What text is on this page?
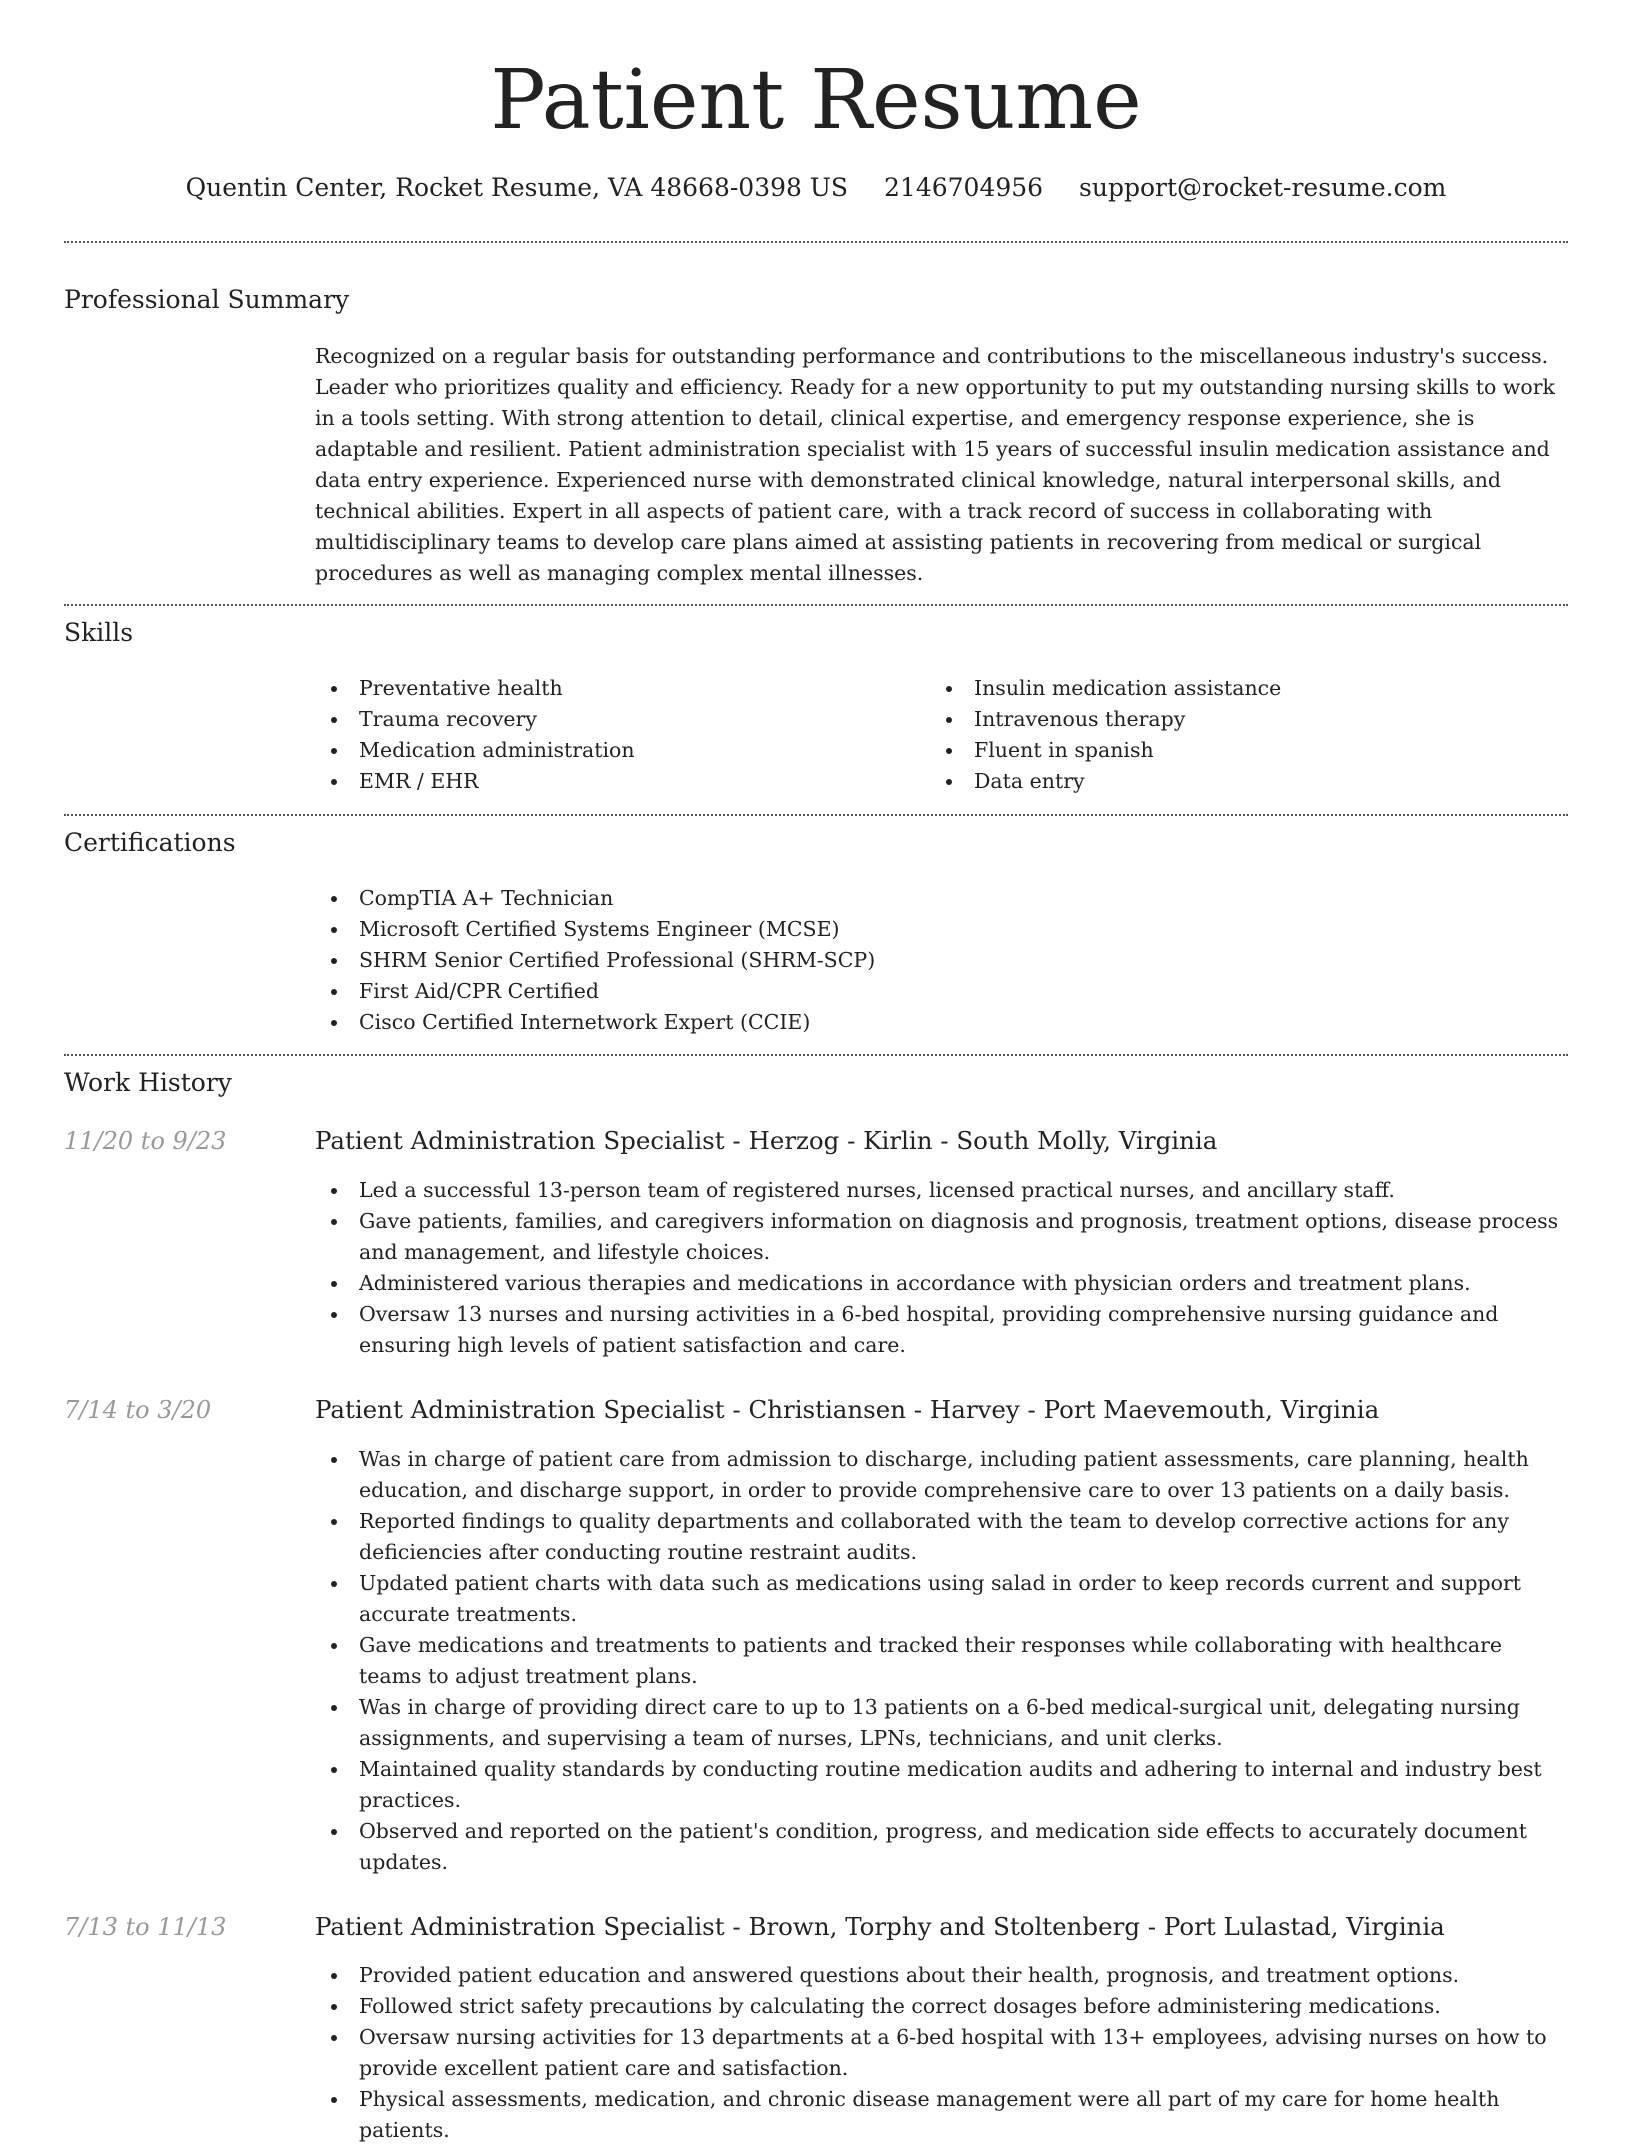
Patient Resume
Quentin Center, Rocket Resume, VA 48668-0398 US 2146704956 support@rocket-resume.com
Professional Summary
Recognized on a regular basis for outstanding performance and contributions to the miscellaneous industry's success. Leader who prioritizes quality and efficiency. Ready for a new opportunity to put my outstanding nursing skills to work in a tools setting. With strong attention to detail, clinical expertise, and emergency response experience, she is adaptable and resilient. Patient administration specialist with 15 years of successful insulin medication assistance and data entry experience. Experienced nurse with demonstrated clinical knowledge, natural interpersonal skills, and technical abilities. Expert in all aspects of patient care, with a track record of success in collaborating with multidisciplinary teams to develop care plans aimed at assisting patients in recovering from medical or surgical procedures as well as managing complex mental illnesses.
Skills
Preventative health
Trauma recovery
Medication administration
EMR / EHR
Insulin medication assistance
Intravenous therapy
Fluent in spanish
Data entry
Certifications
CompTIA A+ Technician
Microsoft Certified Systems Engineer (MCSE)
SHRM Senior Certified Professional (SHRM-SCP)
First Aid/CPR Certified
Cisco Certified Internetwork Expert (CCIE)
Work History
11/20 to 9/23	Patient Administration Specialist - Herzog - Kirlin - South Molly, Virginia
Led a successful 13-person team of registered nurses, licensed practical nurses, and ancillary staff.
Gave patients, families, and caregivers information on diagnosis and prognosis, treatment options, disease process and management, and lifestyle choices.
Administered various therapies and medications in accordance with physician orders and treatment plans.
Oversaw 13 nurses and nursing activities in a 6-bed hospital, providing comprehensive nursing guidance and ensuring high levels of patient satisfaction and care.
7/14 to 3/20	Patient Administration Specialist - Christiansen - Harvey - Port Maevemouth, Virginia
Was in charge of patient care from admission to discharge, including patient assessments, care planning, health education, and discharge support, in order to provide comprehensive care to over 13 patients on a daily basis.
Reported findings to quality departments and collaborated with the team to develop corrective actions for any deficiencies after conducting routine restraint audits.
Updated patient charts with data such as medications using salad in order to keep records current and support accurate treatments.
Gave medications and treatments to patients and tracked their responses while collaborating with healthcare teams to adjust treatment plans.
Was in charge of providing direct care to up to 13 patients on a 6-bed medical-surgical unit, delegating nursing assignments, and supervising a team of nurses, LPNs, technicians, and unit clerks.
Maintained quality standards by conducting routine medication audits and adhering to internal and industry best practices.
Observed and reported on the patient's condition, progress, and medication side effects to accurately document updates.
7/13 to 11/13	Patient Administration Specialist - Brown, Torphy and Stoltenberg - Port Lulastad, Virginia
Provided patient education and answered questions about their health, prognosis, and treatment options.
Followed strict safety precautions by calculating the correct dosages before administering medications.
Oversaw nursing activities for 13 departments at a 6-bed hospital with 13+ employees, advising nurses on how to provide excellent patient care and satisfaction.
Physical assessments, medication, and chronic disease management were all part of my care for home health patients.
